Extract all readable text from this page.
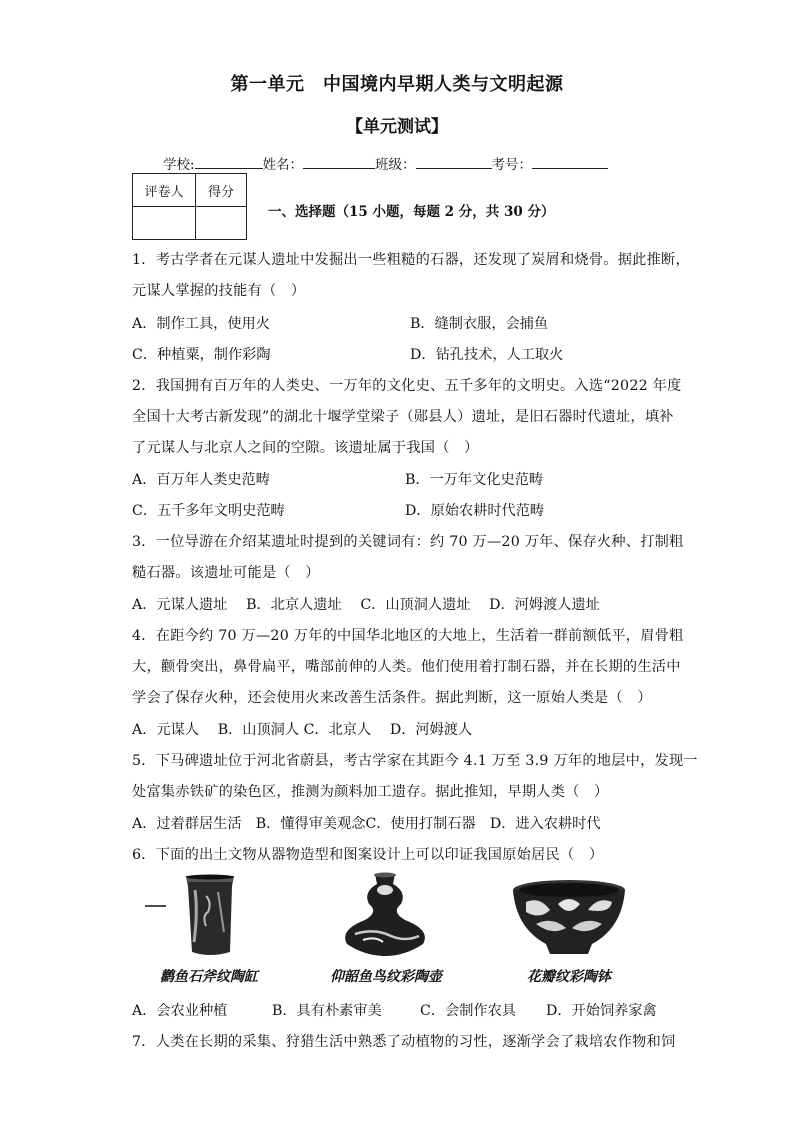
第一单元　中国境内早期人类与文明起源
【单元测试】
学校:	姓名：	班级：	考号：
评卷人	得分

一、选择题（15 小题，每题 2 分，共 30 分）
1．考古学者在元谋人遗址中发掘出一些粗糙的石器，还发现了炭屑和烧骨。据此推断，
元谋人掌握的技能有（　）
A．制作工具，使用火	B．缝制衣服，会捕鱼
C．种植粟，制作彩陶	D．钻孔技术，人工取火
2．我国拥有百万年的人类史、一万年的文化史、五千多年的文明史。入选“2022 年度
全国十大考古新发现”的湖北十堰学堂梁子（郧县人）遗址，是旧石器时代遗址，填补
了元谋人与北京人之间的空隙。该遗址属于我国（　）
A．百万年人类史范畴	B．一万年文化史范畴
C．五千多年文明史范畴	D．原始农耕时代范畴
3．一位导游在介绍某遗址时提到的关键词有：约 70 万—20 万年、保存火种、打制粗
糙石器。该遗址可能是（　）
A．元谋人遗址　 B．北京人遗址　 C．山顶洞人遗址　 D．河姆渡人遗址
4．在距今约 70 万—20 万年的中国华北地区的大地上，生活着一群前额低平，眉骨粗
大，颧骨突出，鼻骨扁平，嘴部前伸的人类。他们使用着打制石器，并在长期的生活中
学会了保存火种，还会使用火来改善生活条件。据此判断，这一原始人类是（　）
A．元谋人　 B．山顶洞人 C．北京人　 D．河姆渡人
5．下马碑遗址位于河北省蔚县，考古学家在其距今 4.1 万至 3.9 万年的地层中，发现一
处富集赤铁矿的染色区，推测为颜料加工遗存。据此推知，早期人类（　）
A．过着群居生活　B．懂得审美观念C．使用打制石器　D．进入农耕时代
6．下面的出土文物从器物造型和图案设计上可以印证我国原始居民（　）
鹳鱼石斧纹陶缸	仰韶鱼鸟纹彩陶壶	花瓣纹彩陶钵
A．会农业种植	B．具有朴素审美	C．会制作农具 D．开始饲养家禽
7．人类在长期的采集、狩猎生活中熟悉了动植物的习性，逐渐学会了栽培农作物和饲
